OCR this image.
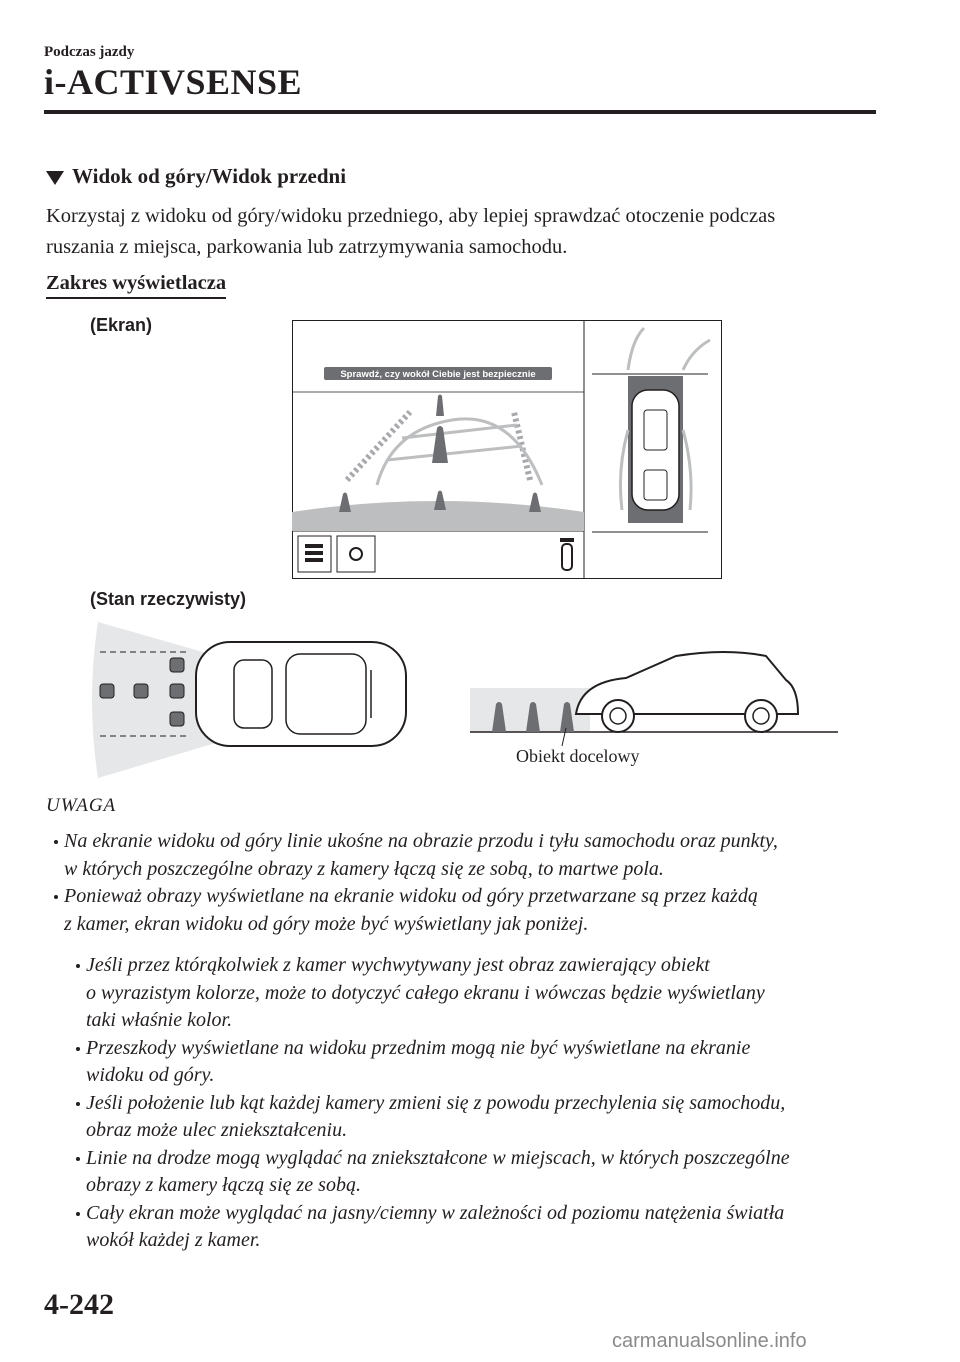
Podczas jazdy
i-ACTIVSENSE
Widok od góry/Widok przedni
Korzystaj z widoku od góry/widoku przedniego, aby lepiej sprawdzać otoczenie podczas
ruszania z miejsca, parkowania lub zatrzymywania samochodu.
Zakres wyświetlacza
(Ekran)
Sprawdź, czy wokół Ciebie jest bezpiecznie
(Stan rzeczywisty)
Obiekt docelowy
UWAGA
Na ekranie widoku od góry linie ukośne na obrazie przodu i tyłu samochodu oraz punkty,
w których poszczególne obrazy z kamery łączą się ze sobą, to martwe pola.
Ponieważ obrazy wyświetlane na ekranie widoku od góry przetwarzane są przez każdą
z kamer, ekran widoku od góry może być wyświetlany jak poniżej.
Jeśli przez którąkolwiek z kamer wychwytywany jest obraz zawierający obiekt
o wyrazistym kolorze, może to dotyczyć całego ekranu i wówczas będzie wyświetlany
taki właśnie kolor.
Przeszkody wyświetlane na widoku przednim mogą nie być wyświetlane na ekranie
widoku od góry.
Jeśli położenie lub kąt każdej kamery zmieni się z powodu przechylenia się samochodu,
obraz może ulec zniekształceniu.
Linie na drodze mogą wyglądać na zniekształcone w miejscach, w których poszczególne
obrazy z kamery łączą się ze sobą.
Cały ekran może wyglądać na jasny/ciemny w zależności od poziomu natężenia światła
wokół każdej z kamer.
4-242
carmanualsonline.info
